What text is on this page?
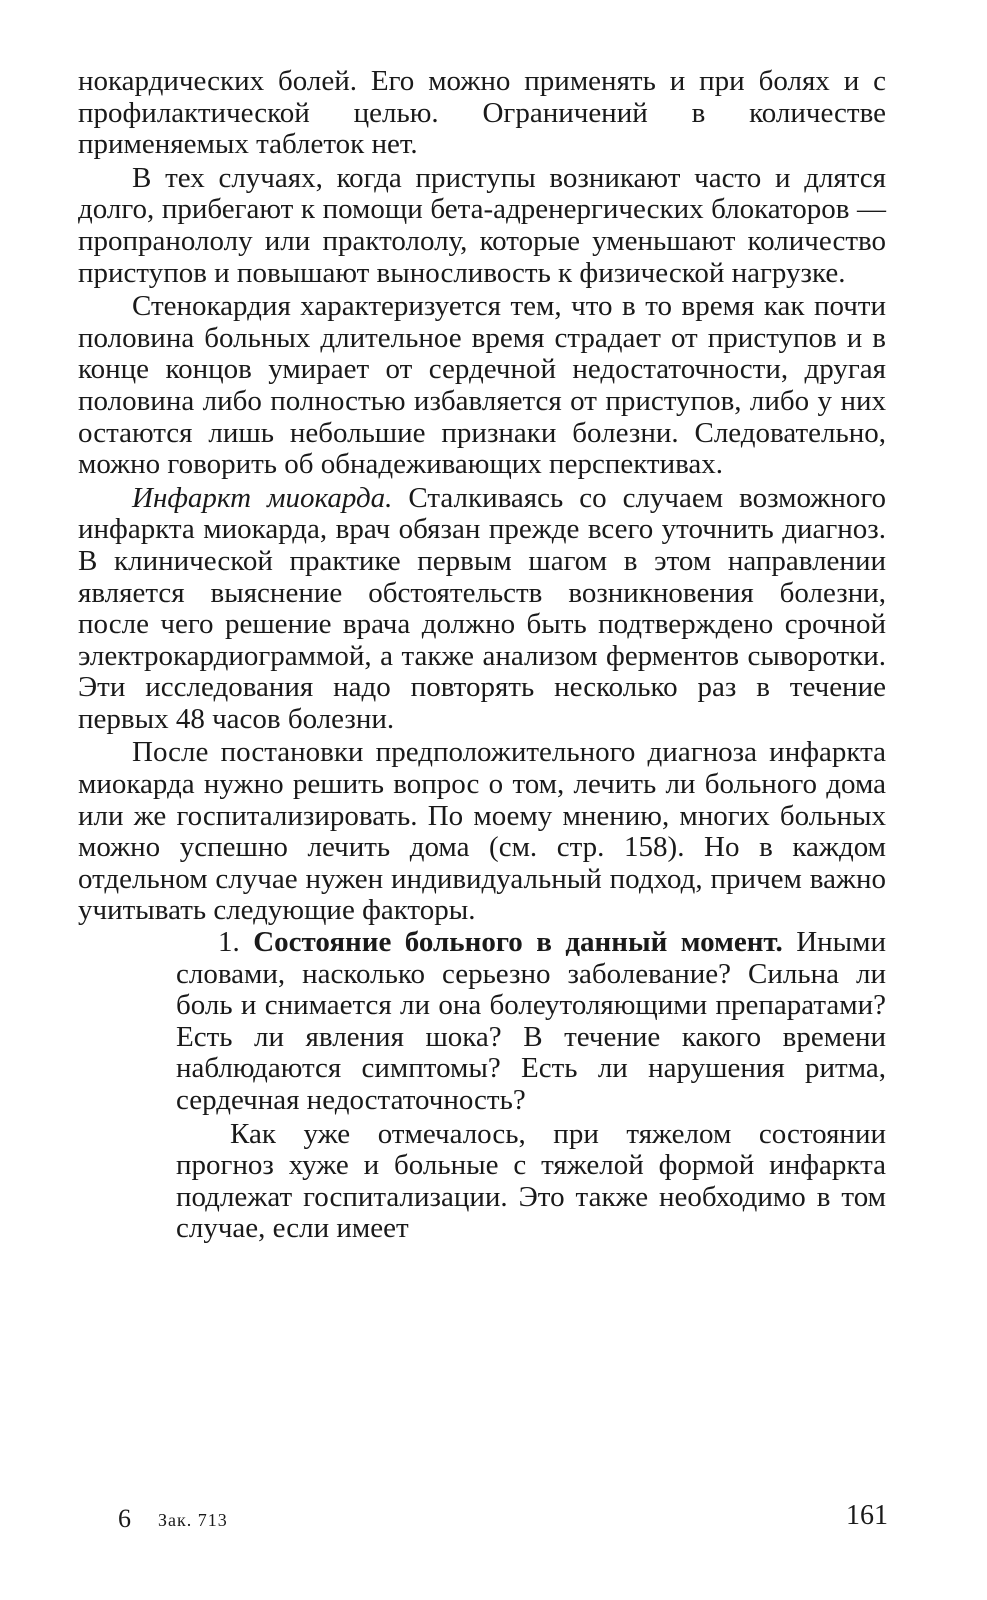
нокардических болей. Его можно применять и при болях и с профилактической целью. Ограничений в количестве применяемых таблеток нет.

В тех случаях, когда приступы возникают часто и длятся долго, прибегают к помощи бета-адренергических блокаторов — пропранололу или практололу, которые уменьшают количество приступов и повышают выносливость к физической нагрузке.

Стенокардия характеризуется тем, что в то время как почти половина больных длительное время страдает от приступов и в конце концов умирает от сердечной недостаточности, другая половина либо полностью избавляется от приступов, либо у них остаются лишь небольшие признаки болезни. Следовательно, можно говорить об обнадеживающих перспективах.

Инфаркт миокарда. Сталкиваясь со случаем возможного инфаркта миокарда, врач обязан прежде всего уточнить диагноз. В клинической практике первым шагом в этом направлении является выяснение обстоятельств возникновения болезни, после чего решение врача должно быть подтверждено срочной электрокардиограммой, а также анализом ферментов сыворотки. Эти исследования надо повторять несколько раз в течение первых 48 часов болезни.

После постановки предположительного диагноза инфаркта миокарда нужно решить вопрос о том, лечить ли больного дома или же госпитализировать. По моему мнению, многих больных можно успешно лечить дома (см. стр. 158). Но в каждом отдельном случае нужен индивидуальный подход, причем важно учитывать следующие факторы.

1. Состояние больного в данный момент. Иными словами, насколько серьезно заболевание? Сильна ли боль и снимается ли она болеутоляющими препаратами? Есть ли явления шока? В течение какого времени наблюдаются симптомы? Есть ли нарушения ритма, сердечная недостаточность?

Как уже отмечалось, при тяжелом состоянии прогноз хуже и больные с тяжелой формой инфаркта подлежат госпитализации. Это также необходимо в том случае, если имеет

6 Зак. 713	161
